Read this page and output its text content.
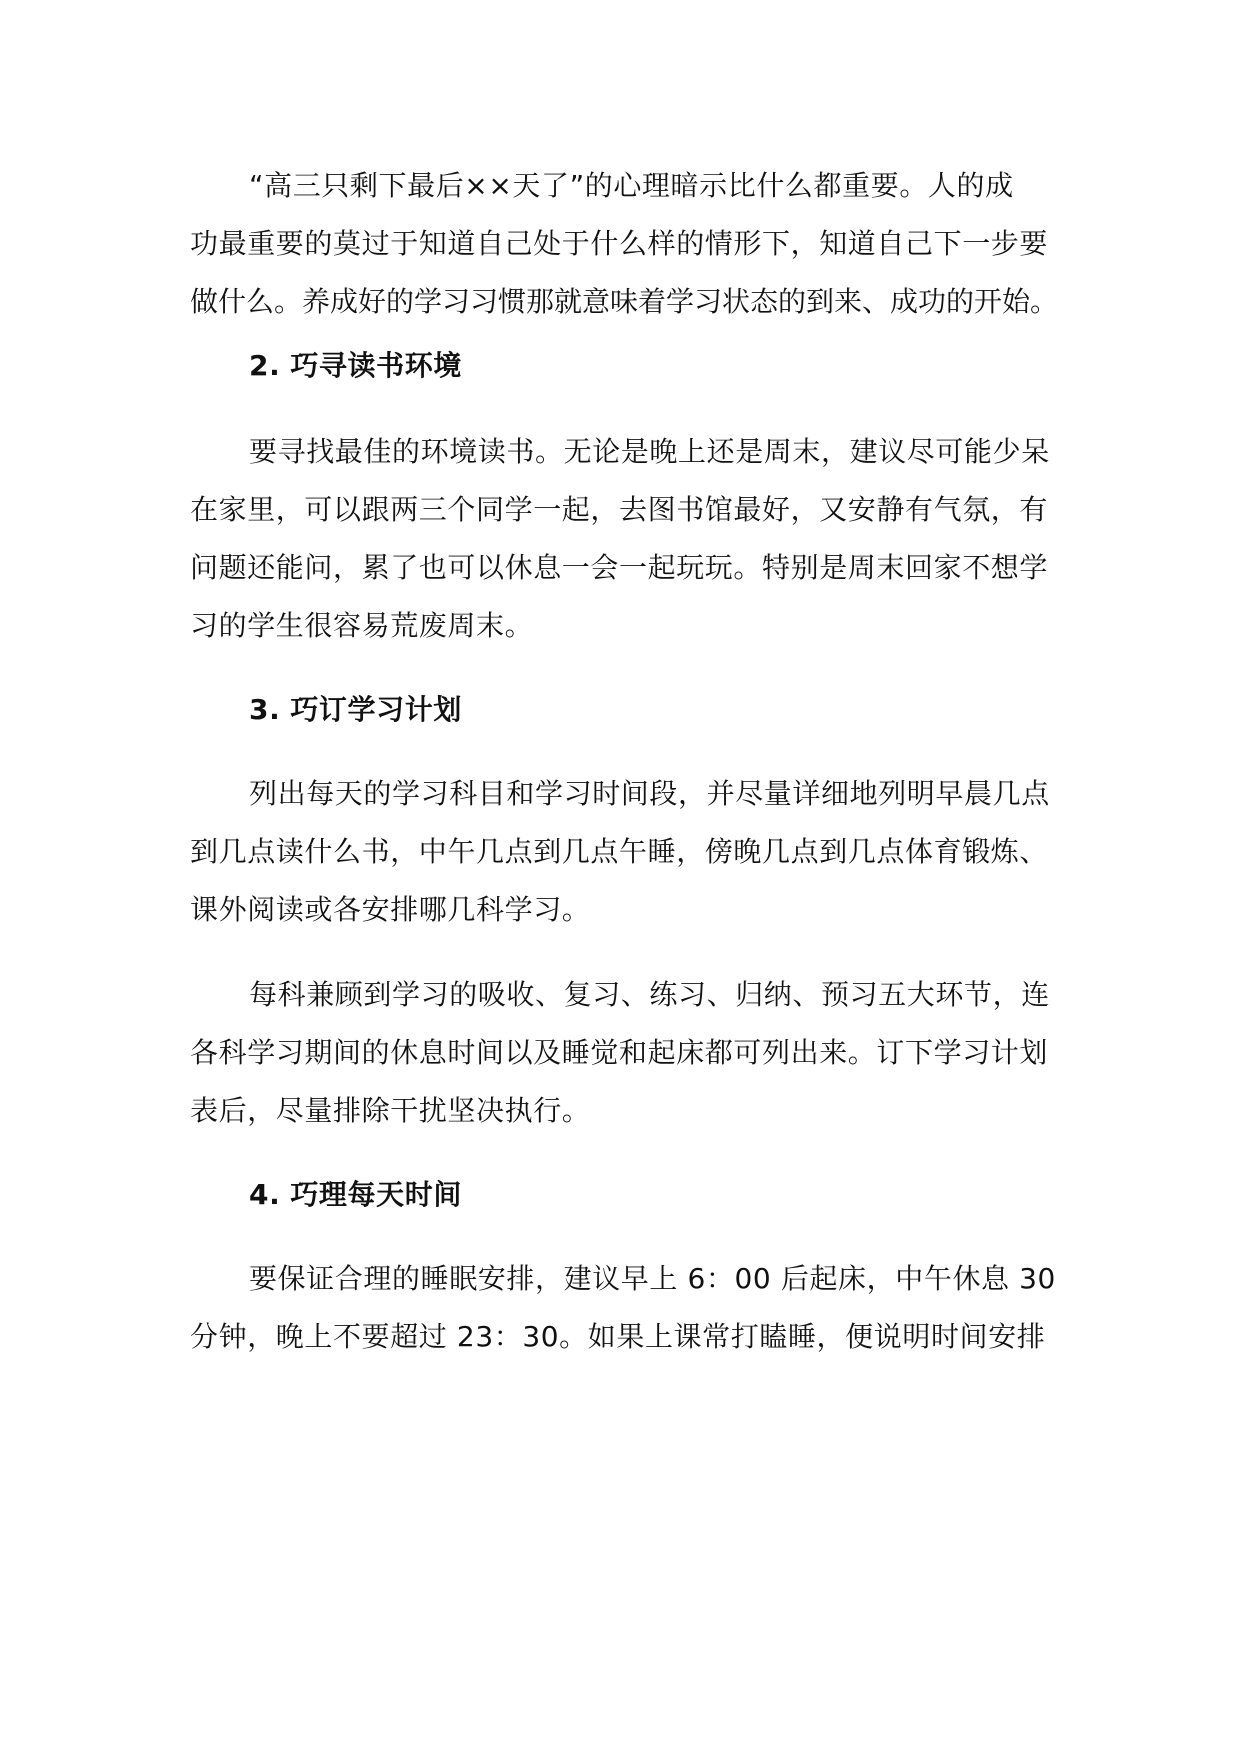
“高三只剩下最后××天了”的心理暗示比什么都重要。人的成

功最重要的莫过于知道自己处于什么样的情形下，知道自己下一步要

做什么。养成好的学习习惯那就意味着学习状态的到来、成功的开始。

2. 巧寻读书环境

要寻找最佳的环境读书。无论是晚上还是周末，建议尽可能少呆

在家里，可以跟两三个同学一起，去图书馆最好，又安静有气氛，有

问题还能问，累了也可以休息一会一起玩玩。特别是周末回家不想学

习的学生很容易荒废周末。

3. 巧订学习计划

列出每天的学习科目和学习时间段，并尽量详细地列明早晨几点

到几点读什么书，中午几点到几点午睡，傍晚几点到几点体育锻炼、

课外阅读或各安排哪几科学习。

每科兼顾到学习的吸收、复习、练习、归纳、预习五大环节，连

各科学习期间的休息时间以及睡觉和起床都可列出来。订下学习计划

表后，尽量排除干扰坚决执行。

4. 巧理每天时间

要保证合理的睡眠安排，建议早上 6：00 后起床，中午休息 30

分钟，晚上不要超过 23：30。如果上课常打瞌睡，便说明时间安排
